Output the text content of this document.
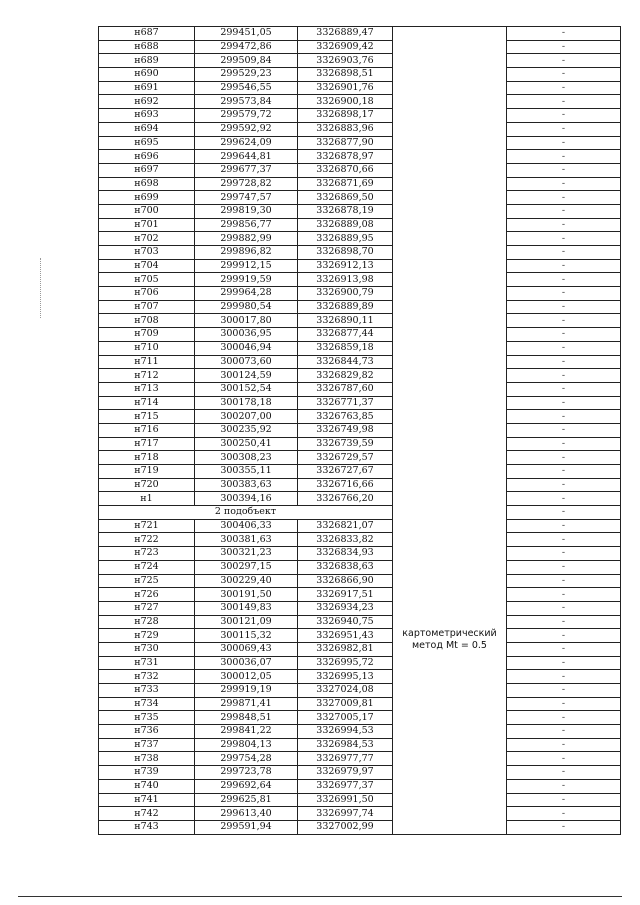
н687	299451,05	3326889,47	картометрический
метод Mt = 0.5	-
н688	299472,86	3326909,42		-
н689	299509,84	3326903,76		-
н690	299529,23	3326898,51		-
н691	299546,55	3326901,76		-
н692	299573,84	3326900,18		-
н693	299579,72	3326898,17		-
н694	299592,92	3326883,96		-
н695	299624,09	3326877,90		-
н696	299644,81	3326878,97		-
н697	299677,37	3326870,66		-
н698	299728,82	3326871,69		-
н699	299747,57	3326869,50		-
н700	299819,30	3326878,19		-
н701	299856,77	3326889,08		-
н702	299882,99	3326889,95		-
н703	299896,82	3326898,70		-
н704	299912,15	3326912,13		-
н705	299919,59	3326913,98		-
н706	299964,28	3326900,79		-
н707	299980,54	3326889,89		-
н708	300017,80	3326890,11		-
н709	300036,95	3326877,44		-
н710	300046,94	3326859,18		-
н711	300073,60	3326844,73		-
н712	300124,59	3326829,82		-
н713	300152,54	3326787,60		-
н714	300178,18	3326771,37		-
н715	300207,00	3326763,85		-
н716	300235,92	3326749,98		-
н717	300250,41	3326739,59		-
н718	300308,23	3326729,57		-
н719	300355,11	3326727,67		-
н720	300383,63	3326716,66		-
н1	300394,16	3326766,20		-
2 подобъект				-
н721	300406,33	3326821,07		-
н722	300381,63	3326833,82		-
н723	300321,23	3326834,93		-
н724	300297,15	3326838,63		-
н725	300229,40	3326866,90		-
н726	300191,50	3326917,51		-
н727	300149,83	3326934,23		-
н728	300121,09	3326940,75		-
н729	300115,32	3326951,43		-
н730	300069,43	3326982,81		-
н731	300036,07	3326995,72		-
н732	300012,05	3326995,13		-
н733	299919,19	3327024,08		-
н734	299871,41	3327009,81		-
н735	299848,51	3327005,17		-
н736	299841,22	3326994,53		-
н737	299804,13	3326984,53		-
н738	299754,28	3326977,77		-
н739	299723,78	3326979,97		-
н740	299692,64	3326977,37		-
н741	299625,81	3326991,50		-
н742	299613,40	3326997,74		-
н743	299591,94	3327002,99		-
